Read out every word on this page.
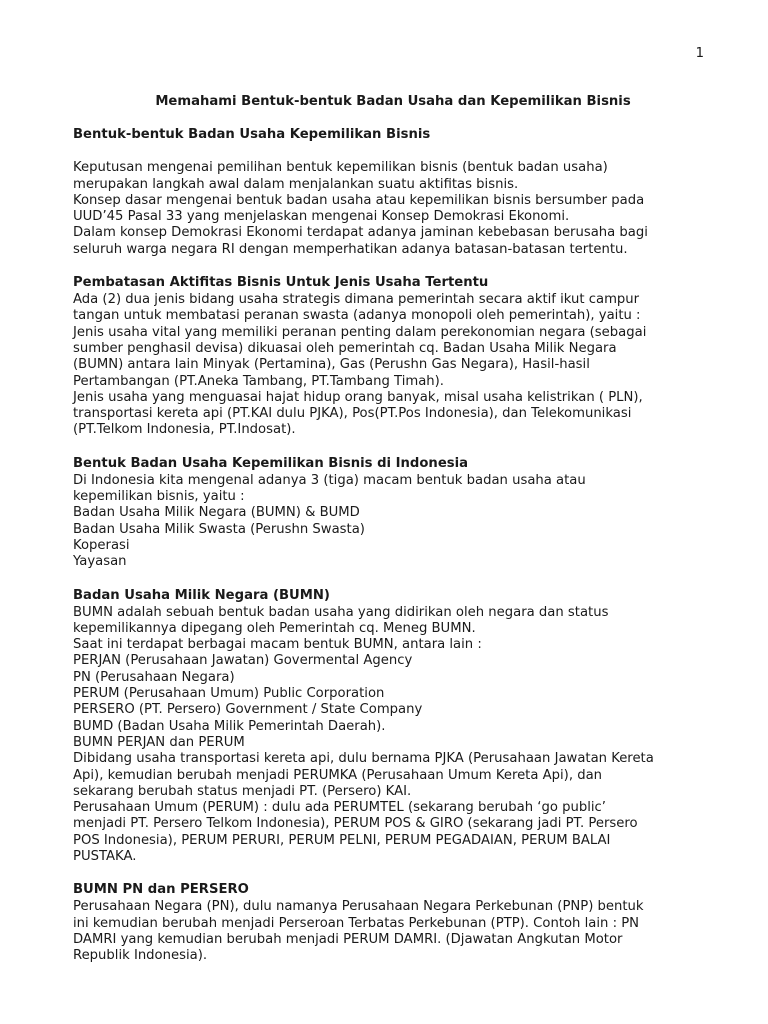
1

Memahami Bentuk-bentuk Badan Usaha dan Kepemilikan Bisnis

Bentuk-bentuk Badan Usaha Kepemilikan Bisnis

Keputusan mengenai pemilihan bentuk kepemilikan bisnis (bentuk badan usaha)

merupakan langkah awal dalam menjalankan suatu aktifitas bisnis.

Konsep dasar mengenai bentuk badan usaha atau kepemilikan bisnis bersumber pada

UUD’45 Pasal 33 yang menjelaskan mengenai Konsep Demokrasi Ekonomi.

Dalam konsep Demokrasi Ekonomi terdapat adanya jaminan kebebasan berusaha bagi

seluruh warga negara RI dengan memperhatikan adanya batasan-batasan tertentu.

Pembatasan Aktifitas Bisnis Untuk Jenis Usaha Tertentu

Ada (2) dua jenis bidang usaha strategis dimana pemerintah secara aktif ikut campur

tangan untuk membatasi peranan swasta (adanya monopoli oleh pemerintah), yaitu :

Jenis usaha vital yang memiliki peranan penting dalam perekonomian negara (sebagai

sumber penghasil devisa) dikuasai oleh pemerintah cq. Badan Usaha Milik Negara

(BUMN) antara lain Minyak (Pertamina), Gas (Perushn Gas Negara), Hasil-hasil

Pertambangan (PT.Aneka Tambang, PT.Tambang Timah).

Jenis usaha yang menguasai hajat hidup orang banyak, misal usaha kelistrikan ( PLN),

transportasi kereta api (PT.KAI dulu PJKA), Pos(PT.Pos Indonesia), dan Telekomunikasi

(PT.Telkom Indonesia, PT.Indosat).

Bentuk Badan Usaha Kepemilikan Bisnis di Indonesia

Di Indonesia kita mengenal adanya 3 (tiga) macam bentuk badan usaha atau

kepemilikan bisnis, yaitu :

Badan Usaha Milik Negara (BUMN) & BUMD

Badan Usaha Milik Swasta (Perushn Swasta)

Koperasi

Yayasan

Badan Usaha Milik Negara (BUMN)

BUMN adalah sebuah bentuk badan usaha yang didirikan oleh negara dan status

kepemilikannya dipegang oleh Pemerintah cq. Meneg BUMN.

Saat ini terdapat berbagai macam bentuk BUMN, antara lain :

PERJAN (Perusahaan Jawatan) Govermental Agency

PN (Perusahaan Negara)

PERUM (Perusahaan Umum) Public Corporation

PERSERO (PT. Persero) Government / State Company

BUMD (Badan Usaha Milik Pemerintah Daerah).

BUMN PERJAN dan PERUM

Dibidang usaha transportasi kereta api, dulu bernama PJKA (Perusahaan Jawatan Kereta

Api), kemudian berubah menjadi PERUMKA (Perusahaan Umum Kereta Api), dan

sekarang berubah status menjadi PT. (Persero) KAI.

Perusahaan Umum (PERUM) : dulu ada PERUMTEL (sekarang berubah ‘go public’

menjadi PT. Persero Telkom Indonesia), PERUM POS & GIRO (sekarang jadi PT. Persero

POS Indonesia), PERUM PERURI, PERUM PELNI, PERUM PEGADAIAN, PERUM BALAI

PUSTAKA.

BUMN PN dan PERSERO

Perusahaan Negara (PN), dulu namanya Perusahaan Negara Perkebunan (PNP) bentuk

ini kemudian berubah menjadi Perseroan Terbatas Perkebunan (PTP). Contoh lain : PN

DAMRI yang kemudian berubah menjadi PERUM DAMRI. (Djawatan Angkutan Motor

Republik Indonesia).
